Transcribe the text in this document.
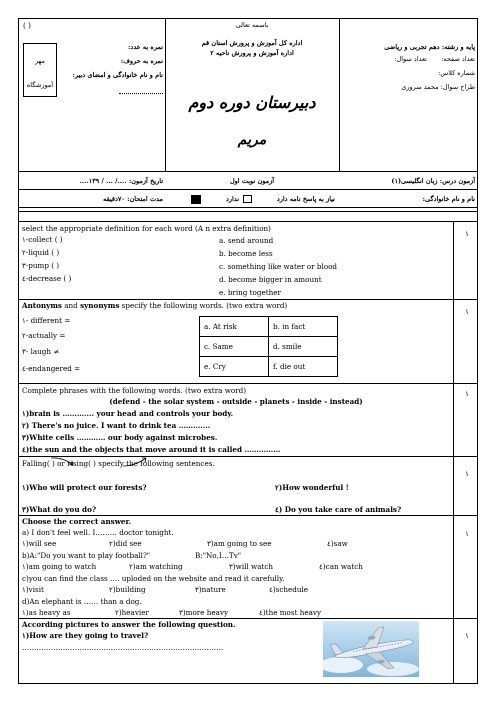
( )
مهر
آموزشگاه
نمره به عدد:
نمره به حروف:
نام و نام خانوادگی و امضای دبیر:
باسمه تعالی
اداره کل آموزش و پرورش استان قم
اداره آموزش و پرورش ناحیه ۲
دبیرستان دوره دوم
مریم
پایه و رشته: دهم تجربی و ریاضی
تعداد صفحه:
تعداد سوال:
شماره کلاس:
طراح سوال: محمد سروری
آزمون درس: زبان انگلیسی(۱)
آزمون نوبت اول
تاریخ آزمون: ..../ ... / ۱۳۹....
نام و نام خانوادگی:
نیاز به پاسخ نامه دارد
ندارد
مدت امتحان: ۷۰دقیقه
۱
select the appropriate definition for each word (A n extra definition)
۱-collect ( )
۲-liquid ( )
۳-pump ( )
٤-decrease ( )
a. send around
b. become less
c. something like water or blood
d. become bigger in amount
e. bring together
۱
Antonyms and synonyms specify the following words. (two extra word)
۱- different =
۲-actually =
۳- laugh ≠
٤-endangered =
a. At risk	b. in fact
c. Same	d. smile
e. Cry	f. die out
۱
Complete phrases with the following words. (two extra word)
(defend - the solar system - outside - planets - inside - instead)
۱)brain is ……….... your head and controls your body.
۲) There's no juice. I want to drink tea ………....
۳)White cells ………… our body against microbes.
٤)the sun and the objects that move around it is called ……………
۱
Falling( ) or rising( ) specify the following sentences.
۱)Who will protect our forests?	۲)How wonderful !
۳)What do you do?	٤) Do you take care of animals?
۱
Choose the correct answer.
a) I don't feel well. I……… doctor tonight.
۱)will see	۲)did see	۳)am going to see	٤)saw
b)A:"Do you want to play football?"	B:"No,I…Tv"
۱)am going to watch	۲)am watching	۳)will watch	٤)can watch
c)you can find the class …. uploded on the website and read it carefully.
۱)visit	۲)building	۳)nature	٤)schedule
d)An elephant is …… than a dog.
۱)as heavy as	۲)heavier	۳)more heavy	٤)the most heavy
۱
According pictures to answer the following question.
۱)How are they going to travel?
…………………………………………………………………………
